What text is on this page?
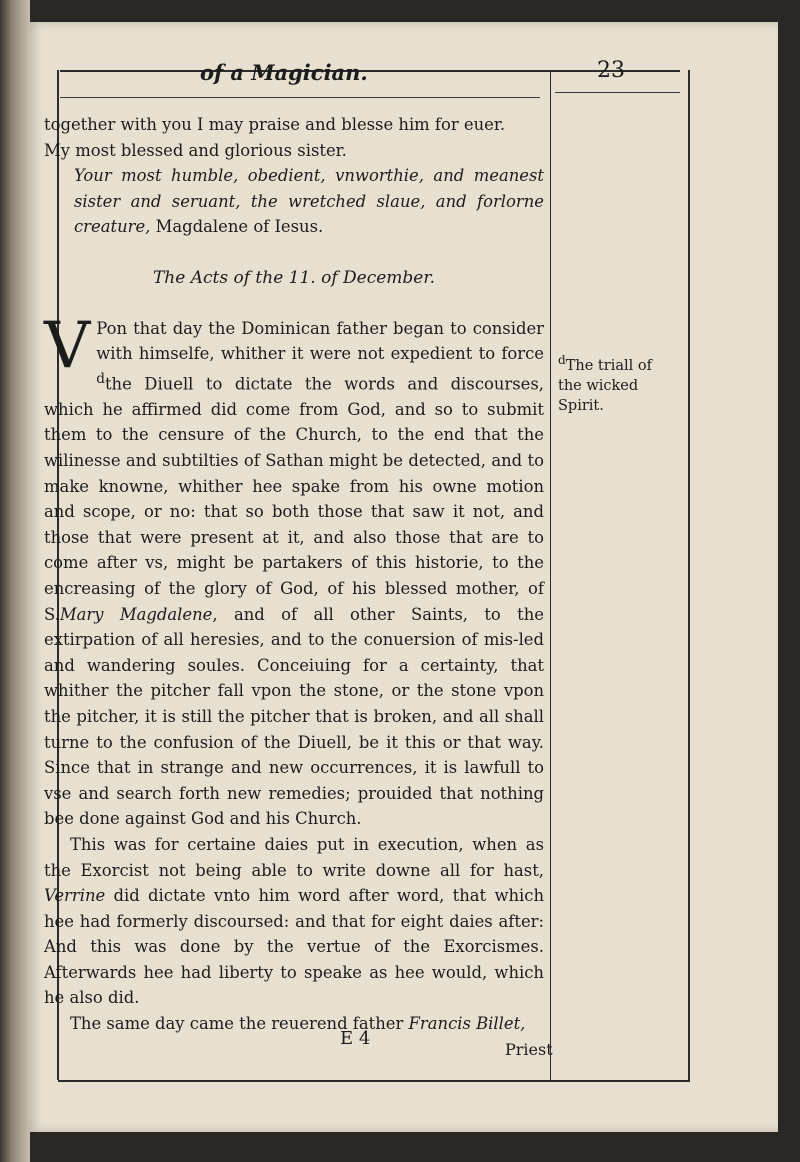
of a Magician.	23

together with you I may praise and blesse him for euer.

My most blessed and glorious sister.

Your most humble, obedient, vnworthie, and meanest sister and seruant, the wretched slaue, and forlorne creature, Magdalene of Iesus.

The Acts of the 11. of December.

V Pon that day the Dominican father began to consider with himselfe, whither it were not expedient to force $^d$the Diuell to dictate the words and discourses, which he affirmed did come from God, and so to submit them to the censure of the Church, to the end that the wilinesse and subtilties of Sathan might be detected, and to make knowne, whither hee spake from his owne motion and scope, or no: that so both those that saw it not, and those that were present at it, and also those that are to come after vs, might be partakers of this historie, to the encreasing of the glory of God, of his blessed mother, of S.Mary Magdalene, and of all other Saints, to the extirpation of all heresies, and to the conuersion of mis-led and wandering soules. Conceiuing for a certainty, that whither the pitcher fall vpon the stone, or the stone vpon the pitcher, it is still the pitcher that is broken, and all shall turne to the confusion of the Diuell, be it this or that way. Since that in strange and new occurrences, it is lawfull to vse and search forth new remedies; prouided that nothing bee done against God and his Church.

This was for certaine daies put in execution, when as the Exorcist not being able to write downe all for hast, Verrine did dictate vnto him word after word, that which hee had formerly discoursed: and that for eight daies after: And this was done by the vertue of the Exorcismes. Afterwards hee had liberty to speake as hee would, which he also did.

The same day came the reuerend father Francis Billet,

$^d$The triall of the wicked Spirit.
E 4
Priest
